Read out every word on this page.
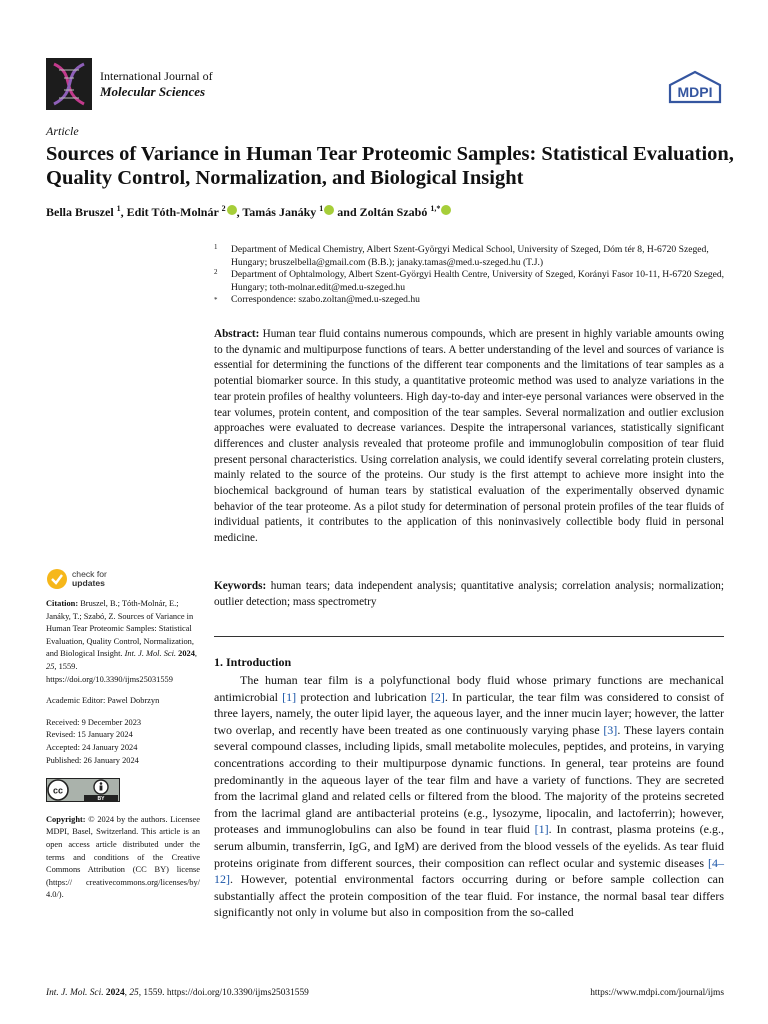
International Journal of
Molecular Sciences	MDPI
Article
Sources of Variance in Human Tear Proteomic Samples: Statistical Evaluation, Quality Control, Normalization, and Biological Insight
Bella Bruszel $^1$, Edit Tóth-Molnár $^2$ , Tamás Janáky $^1$ and Zoltán Szabó $^{1,*}$
1 Department of Medical Chemistry, Albert Szent-Györgyi Medical School, University of Szeged, Dóm tér 8, H-6720 Szeged, Hungary; bruszelbella@gmail.com (B.B.); janaky.tamas@med.u-szeged.hu (T.J.)
2 Department of Ophtalmology, Albert Szent-Györgyi Health Centre, University of Szeged, Korányi Fasor 10-11, H-6720 Szeged, Hungary; toth-molnar.edit@med.u-szeged.hu
* Correspondence: szabo.zoltan@med.u-szeged.hu
Abstract: Human tear fluid contains numerous compounds, which are present in highly variable amounts owing to the dynamic and multipurpose functions of tears. A better understanding of the level and sources of variance is essential for determining the functions of the different tear components and the limitations of tear samples as a potential biomarker source. In this study, a quantitative proteomic method was used to analyze variations in the tear protein profiles of healthy volunteers. High day-to-day and inter-eye personal variances were observed in the tear volumes, protein content, and composition of the tear samples. Several normalization and outlier exclusion approaches were evaluated to decrease variances. Despite the intrapersonal variances, statistically significant differences and cluster analysis revealed that proteome profile and immunoglobulin composition of tear fluid present personal characteristics. Using correlation analysis, we could identify several correlating protein clusters, mainly related to the source of the proteins. Our study is the first attempt to achieve more insight into the biochemical background of human tears by statistical evaluation of the experimentally observed dynamic behavior of the tear proteome. As a pilot study for determination of personal protein profiles of the tear fluids of individual patients, it contributes to the application of this noninvasively collectible body fluid in personal medicine.
Keywords: human tears; data independent analysis; quantitative analysis; correlation analysis; normalization; outlier detection; mass spectrometry
check for
updates
Citation: Bruszel, B.; Tóth-Molnár, E.; Janáky, T.; Szabó, Z. Sources of Variance in Human Tear Proteomic Samples: Statistical Evaluation, Quality Control, Normalization, and Biological Insight. Int. J. Mol. Sci. 2024, 25, 1559. https://doi.org/10.3390/ijms25031559
Academic Editor: Pawel Dobrzyn
Received: 9 December 2023
Revised: 15 January 2024
Accepted: 24 January 2024
Published: 26 January 2024
cc
BY
Copyright: © 2024 by the authors. Licensee MDPI, Basel, Switzerland. This article is an open access article distributed under the terms and conditions of the Creative Commons Attribution (CC BY) license (https:// creativecommons.org/licenses/by/ 4.0/).
1. Introduction

The human tear film is a polyfunctional body fluid whose primary functions are mechanical antimicrobial [1] protection and lubrication [2]. In particular, the tear film was considered to consist of three layers, namely, the outer lipid layer, the aqueous layer, and the inner mucin layer; however, the latter two overlap, and recently have been treated as one continuously varying phase [3]. These layers contain several compound classes, including lipids, small metabolite molecules, peptides, and proteins, in varying concentrations according to their multipurpose dynamic functions. In general, tear proteins are found predominantly in the aqueous layer of the tear film and have a variety of functions. They are secreted from the lacrimal gland and related cells or filtered from the blood. The majority of the proteins secreted from the lacrimal gland are antibacterial proteins (e.g., lysozyme, lipocalin, and lactoferrin); however, proteases and immunoglobulins can also be found in tear fluid [1]. In contrast, plasma proteins (e.g., serum albumin, transferrin, IgG, and IgM) are derived from the blood vessels of the eyelids. As tear fluid proteins originate from different sources, their composition can reflect ocular and systemic diseases [4–12]. However, potential environmental factors occurring during or before sample collection can substantially affect the protein composition of the tear fluid. For instance, the normal basal tear differs significantly not only in volume but also in composition from the so-called

Int. J. Mol. Sci. 2024, 25, 1559. https://doi.org/10.3390/ijms25031559	https://www.mdpi.com/journal/ijms
